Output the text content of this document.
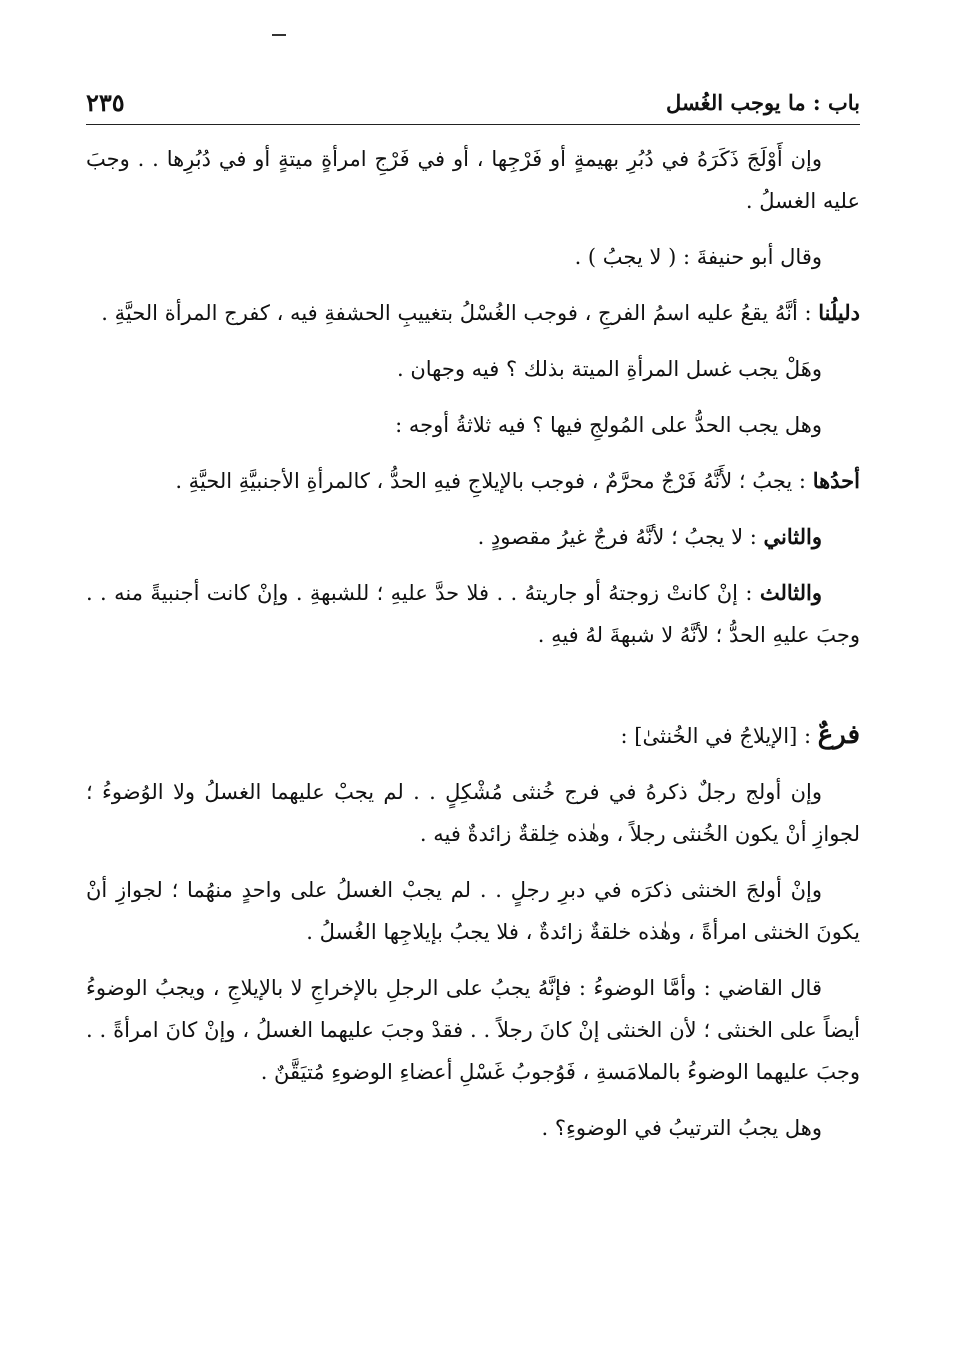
٢٣٥	باب : ما يوجب الغُسل

وإن أَوْلَجَ ذَكَرَهُ في دُبُرِ بهيمةٍ أو فَرْجِها ، أو في فَرْجِ امرأةٍ ميتةٍ أو في دُبُرِها . . وجبَ عليه الغسلُ .

وقال أبو حنيفةَ : ( لا يجبُ ) .

دليلُنا : أنَّهُ يقعُ عليه اسمُ الفرجِ ، فوجب الغُسْلُ بتغييبِ الحشفةِ فيه ، كفرج المرأة الحيَّةِ .

وهَلْ يجب غسل المرأةِ الميتة بذلك ؟ فيه وجهان .

وهل يجب الحدُّ على المُولجِ فيها ؟ فيه ثلاثةُ أوجه :

أحدُها : يجبُ ؛ لأَنَّهُ فَرْجٌ محرَّمٌ ، فوجب بالإيلاجِ فيهِ الحدُّ ، كالمرأةِ الأجنبيَّةِ الحيَّةِ .

والثاني : لا يجبُ ؛ لأنَّهُ فرجٌ غيرُ مقصودٍ .

والثالث : إنْ كانتْ زوجتهُ أو جاريتهُ . . فلا حدَّ عليهِ ؛ للشبهةِ . وإنْ كانت أجنبيةً منه . . وجبَ عليهِ الحدُّ ؛ لأنَّهُ لا شبهةَ لهُ فيهِ .

فرعٌ : [الإيلاجُ في الخُنثىٰ] :

وإن أولج رجلٌ ذكرهُ في فرج خُنثى مُشْكِلٍ . . لم يجبْ عليهما الغسلُ ولا الوُضوءُ ؛ لجوازِ أنْ يكون الخُنثى رجلاً ، وهٰذه خِلقةٌ زائدةٌ فيه .

وإنْ أولجَ الخنثى ذكرَه في دبرِ رجلٍ . . لم يجبْ الغسلُ على واحدٍ منهُما ؛ لجوازِ أنْ يكونَ الخنثى امرأةً ، وهٰذه خلقةٌ زائدةٌ ، فلا يجبُ بإيلاجِها الغُسلُ .

قال القاضي : وأمَّا الوضوءُ : فإنَّهُ يجبُ على الرجلِ بالإخراجِ لا بالإيلاجِ ، ويجبُ الوضوءُ أيضاً على الخنثى ؛ لأن الخنثى إنْ كانَ رجلاً . . فقدْ وجبَ عليهما الغسلُ ، وإنْ كانَ امرأةً . . وجبَ عليهما الوضوءُ بالملامَسةِ ، فَوُجوبُ غَسْلِ أعضاءِ الوضوءِ مُتيَقَّنٌ .

وهل يجبُ الترتيبُ في الوضوءِ؟ .
